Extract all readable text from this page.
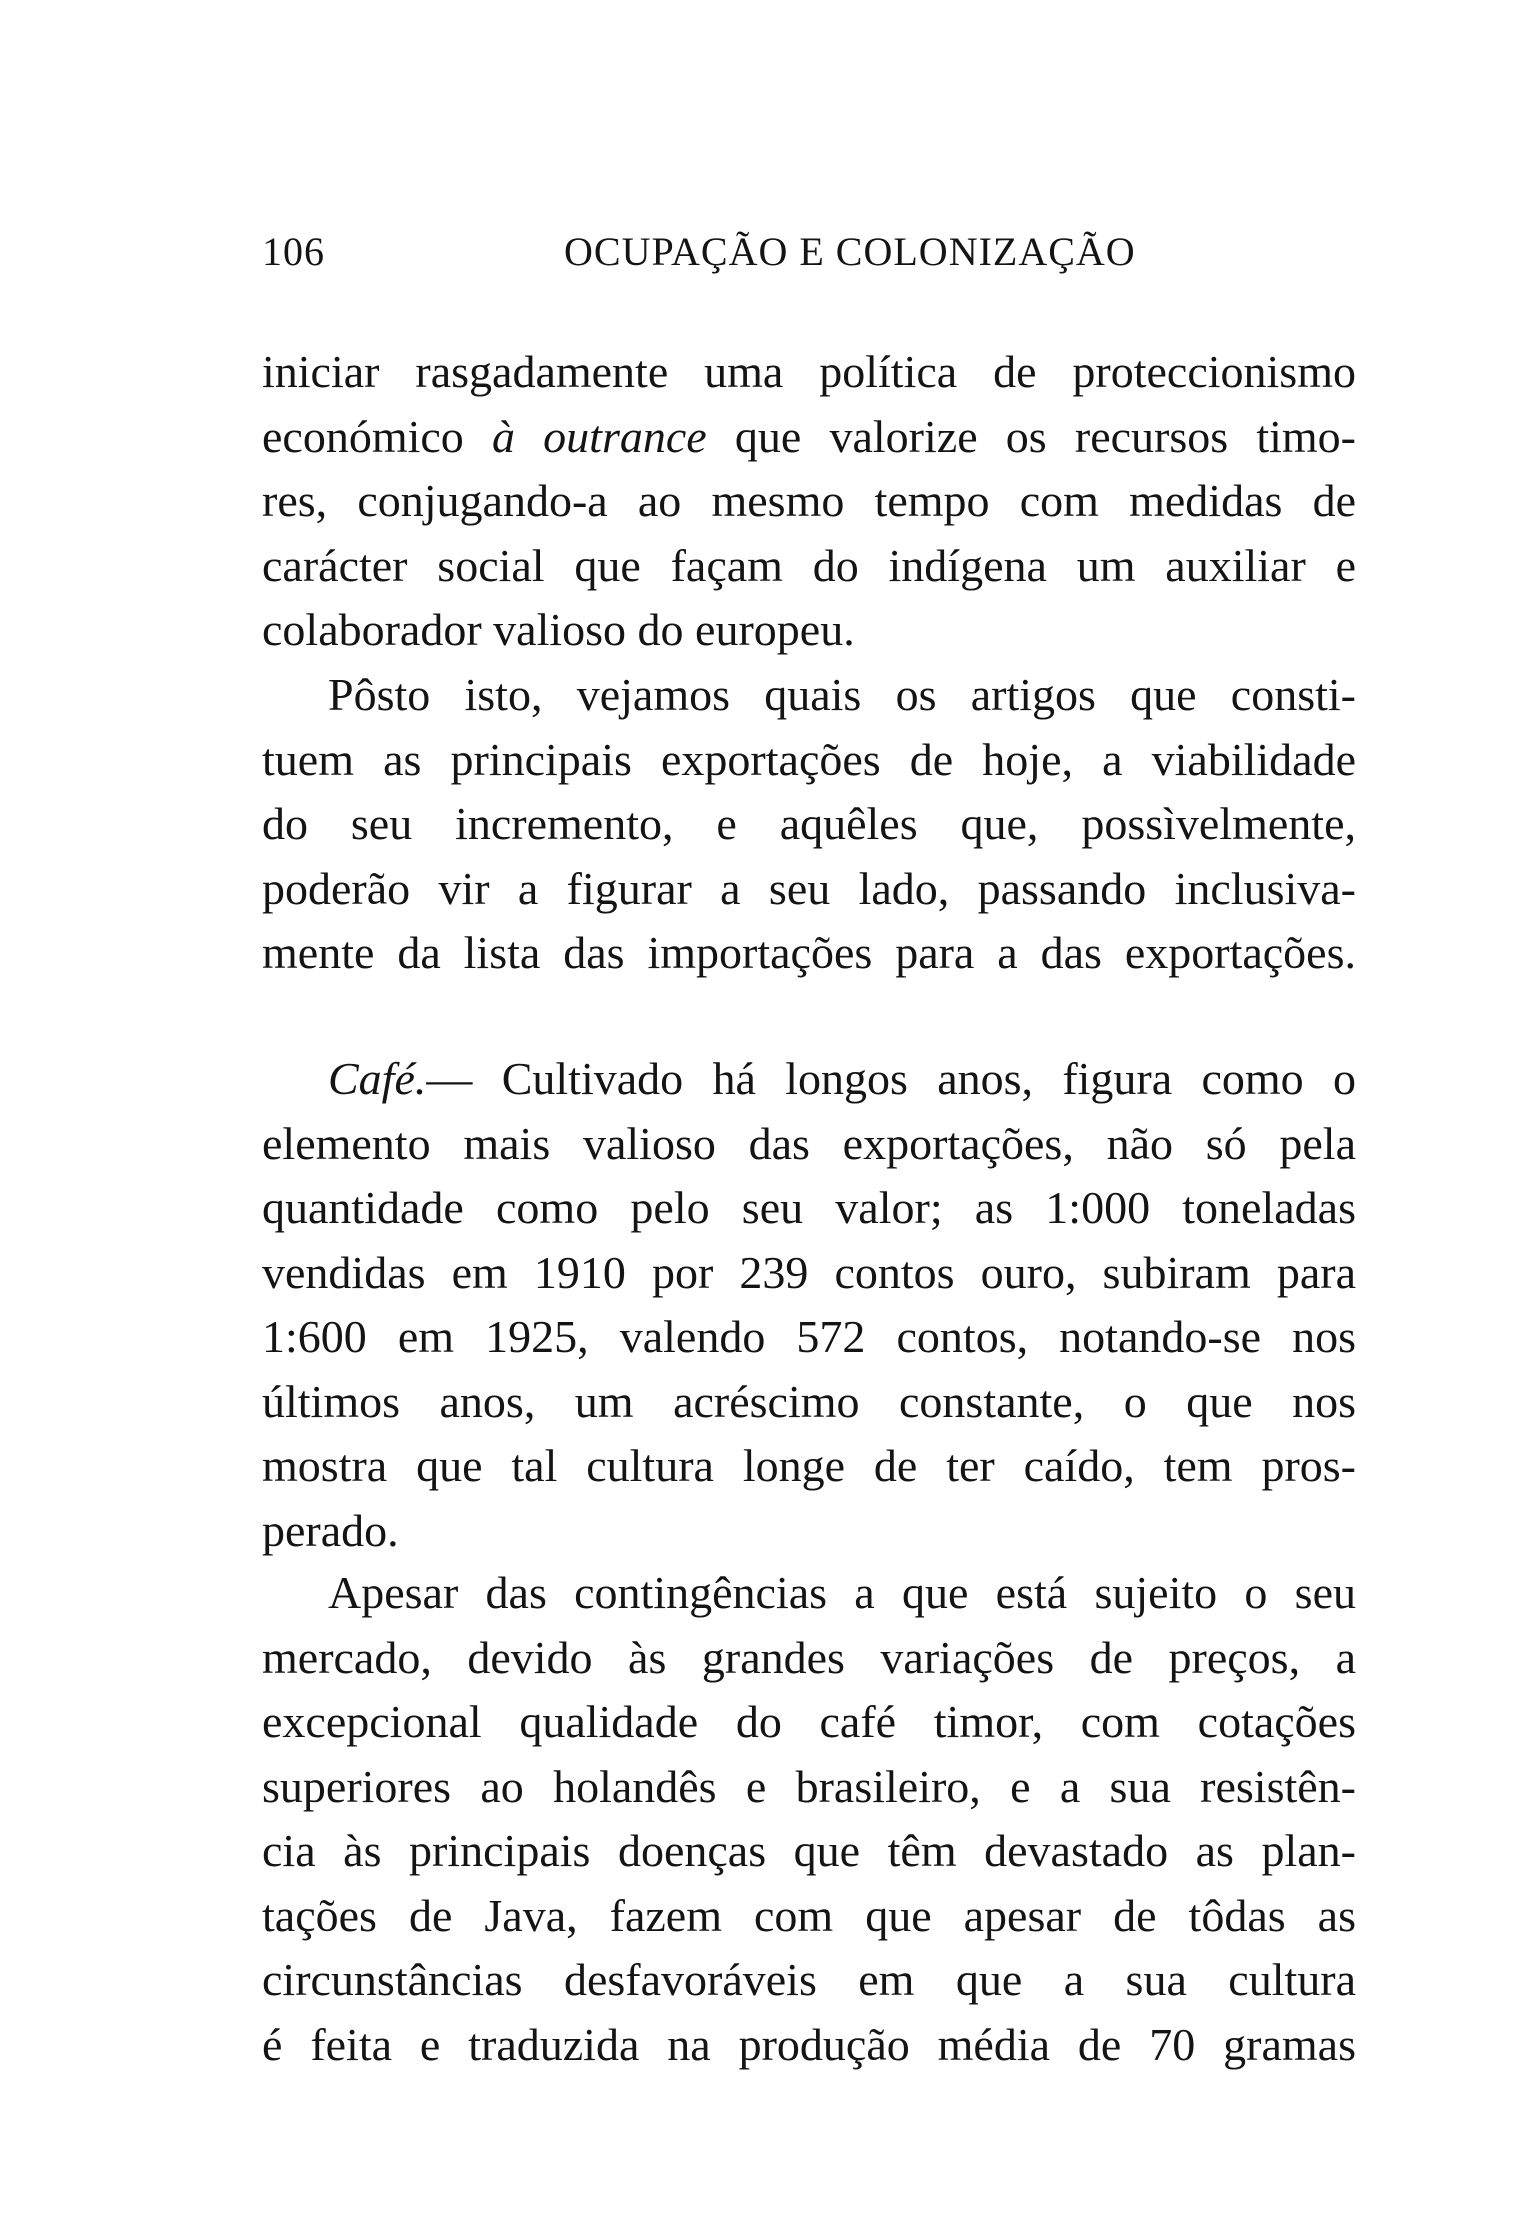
106	OCUPAÇÃO E COLONIZAÇÃO
iniciar rasgadamente uma política de proteccionismo
económico à outrance que valorize os recursos timo-
res, conjugando-a ao mesmo tempo com medidas de
carácter social que façam do indígena um auxiliar e
colaborador valioso do europeu.
Pôsto isto, vejamos quais os artigos que consti-
tuem as principais exportações de hoje, a viabilidade
do seu incremento, e aquêles que, possìvelmente,
poderão vir a figurar a seu lado, passando inclusiva-
mente da lista das importações para a das exportações.
Café.— Cultivado há longos anos, figura como o
elemento mais valioso das exportações, não só pela
quantidade como pelo seu valor; as 1:000 toneladas
vendidas em 1910 por 239 contos ouro, subiram para
1:600 em 1925, valendo 572 contos, notando-se nos
últimos anos, um acréscimo constante, o que nos
mostra que tal cultura longe de ter caído, tem pros-
perado.
Apesar das contingências a que está sujeito o seu
mercado, devido às grandes variações de preços, a
excepcional qualidade do café timor, com cotações
superiores ao holandês e brasileiro, e a sua resistên-
cia às principais doenças que têm devastado as plan-
tações de Java, fazem com que apesar de tôdas as
circunstâncias desfavoráveis em que a sua cultura
é feita e traduzida na produção média de 70 gramas
